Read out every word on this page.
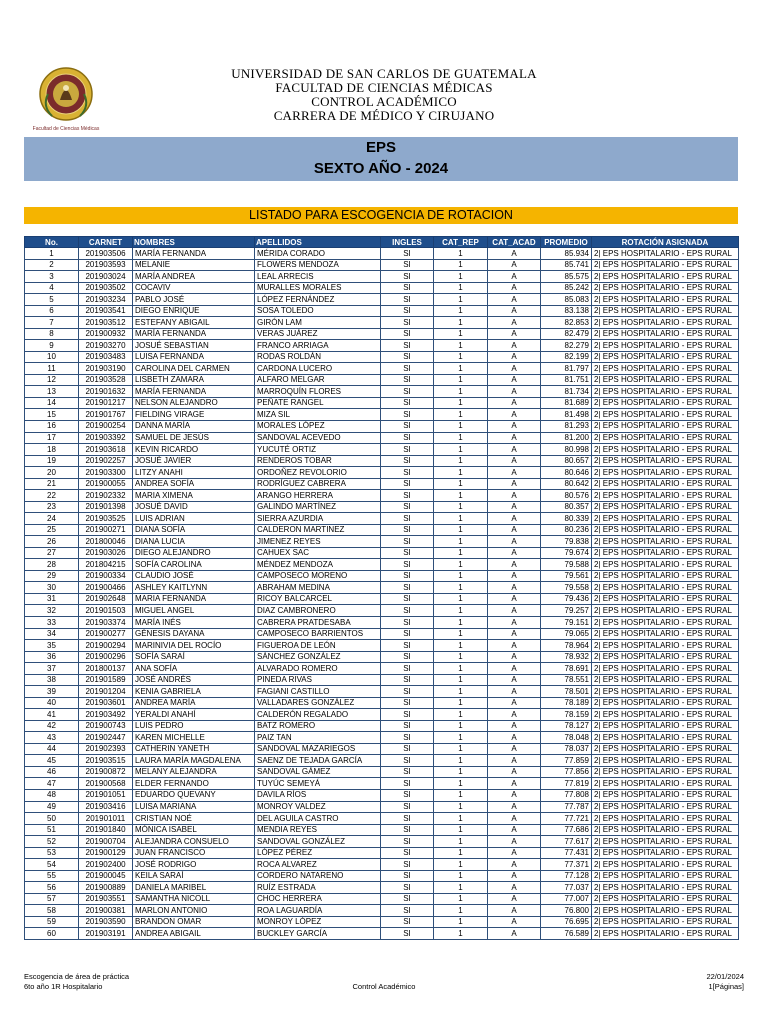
Facultad de Ciencias Médicas
UNIVERSIDAD DE SAN CARLOS DE GUATEMALA
FACULTAD DE CIENCIAS MÉDICAS
CONTROL ACADÉMICO
CARRERA DE MÉDICO Y CIRUJANO
EPS
SEXTO AÑO - 2024
LISTADO PARA ESCOGENCIA DE ROTACION
No.	CARNET	NOMBRES	APELLIDOS	INGLES	CAT_REP	CAT_ACAD	PROMEDIO	ROTACIÓN ASIGNADA
1	201903506	MARÍA FERNANDA	MÉRIDA CORADO	SI	1	A	85.934	2| EPS HOSPITALARIO - EPS RURAL
2	201903593	MELANIE	FLOWERS MENDOZA	SI	1	A	85.741	2| EPS HOSPITALARIO - EPS RURAL
3	201903024	MARÍA ANDREA	LEAL ARRECIS	SI	1	A	85.575	2| EPS HOSPITALARIO - EPS RURAL
4	201903502	COCAVIV	MURALLES MORALES	SI	1	A	85.242	2| EPS HOSPITALARIO - EPS RURAL
5	201903234	PABLO JOSÉ	LÓPEZ FERNÁNDEZ	SI	1	A	85.083	2| EPS HOSPITALARIO - EPS RURAL
6	201903541	DIEGO ENRIQUE	SOSA TOLEDO	SI	1	A	83.138	2| EPS HOSPITALARIO - EPS RURAL
7	201903512	ESTEFANY ABIGAIL	GIRÓN LAM	SI	1	A	82.853	2| EPS HOSPITALARIO - EPS RURAL
8	201900932	MARÍA FERNANDA	VERAS JUÁREZ	SI	1	A	82.479	2| EPS HOSPITALARIO - EPS RURAL
9	201903270	JOSUÉ SEBASTIAN	FRANCO ARRIAGA	SI	1	A	82.279	2| EPS HOSPITALARIO - EPS RURAL
10	201903483	LUISA FERNANDA	RODAS ROLDÁN	SI	1	A	82.199	2| EPS HOSPITALARIO - EPS RURAL
11	201903190	CAROLINA DEL CARMEN	CARDONA LUCERO	SI	1	A	81.797	2| EPS HOSPITALARIO - EPS RURAL
12	201903528	LISBETH ZAMARA	ALFARO MELGAR	SI	1	A	81.751	2| EPS HOSPITALARIO - EPS RURAL
13	201901632	MARÍA FERNANDA	MARROQUÍN FLORES	SI	1	A	81.734	2| EPS HOSPITALARIO - EPS RURAL
14	201901217	NELSON ALEJANDRO	PEÑATE RANGEL	SI	1	A	81.689	2| EPS HOSPITALARIO - EPS RURAL
15	201901767	FIELDING VIRAGE	MIZA SIL	SI	1	A	81.498	2| EPS HOSPITALARIO - EPS RURAL
16	201900254	DANNA MARÍA	MORALES LÓPEZ	SI	1	A	81.293	2| EPS HOSPITALARIO - EPS RURAL
17	201903392	SAMUEL DE JESÚS	SANDOVAL ACEVEDO	SI	1	A	81.200	2| EPS HOSPITALARIO - EPS RURAL
18	201903618	KEVIN RICARDO	YUCUTÉ ORTIZ	SI	1	A	80.998	2| EPS HOSPITALARIO - EPS RURAL
19	201902257	JOSUÉ JAVIER	RENDEROS TOBAR	SI	1	A	80.657	2| EPS HOSPITALARIO - EPS RURAL
20	201903300	LITZY ANAHI	ORDOÑEZ REVOLORIO	SI	1	A	80.646	2| EPS HOSPITALARIO - EPS RURAL
21	201900055	ANDREA SOFÍA	RODRÍGUEZ CABRERA	SI	1	A	80.642	2| EPS HOSPITALARIO - EPS RURAL
22	201902332	MARIA XIMENA	ARANGO HERRERA	SI	1	A	80.576	2| EPS HOSPITALARIO - EPS RURAL
23	201901398	JOSUÉ DAVID	GALINDO MARTÍNEZ	SI	1	A	80.357	2| EPS HOSPITALARIO - EPS RURAL
24	201903525	LUIS ADRIAN	SIERRA AZURDIA	SI	1	A	80.339	2| EPS HOSPITALARIO - EPS RURAL
25	201900271	DIANA SOFÍA	CALDERON MARTINEZ	SI	1	A	80.236	2| EPS HOSPITALARIO - EPS RURAL
26	201800046	DIANA LUCIA	JIMENEZ REYES	SI	1	A	79.838	2| EPS HOSPITALARIO - EPS RURAL
27	201903026	DIEGO ALEJANDRO	CAHUEX SAC	SI	1	A	79.674	2| EPS HOSPITALARIO - EPS RURAL
28	201804215	SOFÍA CAROLINA	MÉNDEZ MENDOZA	SI	1	A	79.588	2| EPS HOSPITALARIO - EPS RURAL
29	201900334	CLAUDIO JOSÉ	CAMPOSECO MORENO	SI	1	A	79.561	2| EPS HOSPITALARIO - EPS RURAL
30	201900466	ASHLEY KAITLYNN	ABRAHAM MEDINA	SI	1	A	79.558	2| EPS HOSPITALARIO - EPS RURAL
31	201902648	MARIA FERNANDA	RICOY BALCARCEL	SI	1	A	79.436	2| EPS HOSPITALARIO - EPS RURAL
32	201901503	MIGUEL ANGEL	DIAZ CAMBRONERO	SI	1	A	79.257	2| EPS HOSPITALARIO - EPS RURAL
33	201903374	MARÍA INÉS	CABRERA PRATDESABA	SI	1	A	79.151	2| EPS HOSPITALARIO - EPS RURAL
34	201900277	GÉNESIS DAYANA	CAMPOSECO BARRIENTOS	SI	1	A	79.065	2| EPS HOSPITALARIO - EPS RURAL
35	201900294	MARINIVIA DEL ROCÍO	FIGUEROA DE LEÓN	SI	1	A	78.964	2| EPS HOSPITALARIO - EPS RURAL
36	201900296	SOFÍA SARAÍ	SÁNCHEZ GONZÁLEZ	SI	1	A	78.932	2| EPS HOSPITALARIO - EPS RURAL
37	201800137	ANA SOFÍA	ALVARADO ROMERO	SI	1	A	78.691	2| EPS HOSPITALARIO - EPS RURAL
38	201901589	JOSÉ ANDRÉS	PINEDA RIVAS	SI	1	A	78.551	2| EPS HOSPITALARIO - EPS RURAL
39	201901204	KENIA GABRIELA	FAGIANI CASTILLO	SI	1	A	78.501	2| EPS HOSPITALARIO - EPS RURAL
40	201903601	ANDREA MARÍA	VALLADARES GONZÁLEZ	SI	1	A	78.189	2| EPS HOSPITALARIO - EPS RURAL
41	201903492	YERALDI ANAHÍ	CALDERÓN REGALADO	SI	1	A	78.159	2| EPS HOSPITALARIO - EPS RURAL
42	201900743	LUIS PEDRO	BATZ ROMERO	SI	1	A	78.127	2| EPS HOSPITALARIO - EPS RURAL
43	201902447	KAREN MICHELLE	PAIZ TAN	SI	1	A	78.048	2| EPS HOSPITALARIO - EPS RURAL
44	201902393	CATHERIN YANETH	SANDOVAL MAZARIEGOS	SI	1	A	78.037	2| EPS HOSPITALARIO - EPS RURAL
45	201903515	LAURA MARÍA MAGDALENA	SAENZ DE TEJADA GARCÍA	SI	1	A	77.859	2| EPS HOSPITALARIO - EPS RURAL
46	201900872	MELANY ALEJANDRA	SANDOVAL GÁMEZ	SI	1	A	77.856	2| EPS HOSPITALARIO - EPS RURAL
47	201900568	ELDER FERNANDO	TUYÚC SEMEYÁ	SI	1	A	77.819	2| EPS HOSPITALARIO - EPS RURAL
48	201901051	EDUARDO QUEVANY	DAVILA RÍOS	SI	1	A	77.808	2| EPS HOSPITALARIO - EPS RURAL
49	201903416	LUISA MARIANA	MONROY VALDEZ	SI	1	A	77.787	2| EPS HOSPITALARIO - EPS RURAL
50	201901011	CRISTIAN NOÉ	DEL AGUILA CASTRO	SI	1	A	77.721	2| EPS HOSPITALARIO - EPS RURAL
51	201901840	MÓNICA ISABEL	MENDIA REYES	SI	1	A	77.686	2| EPS HOSPITALARIO - EPS RURAL
52	201900704	ALEJANDRA CONSUELO	SANDOVAL GONZÁLEZ	SI	1	A	77.617	2| EPS HOSPITALARIO - EPS RURAL
53	201900129	JUAN FRANCISCO	LÓPEZ PÉREZ	SI	1	A	77.431	2| EPS HOSPITALARIO - EPS RURAL
54	201902400	JOSÉ RODRIGO	ROCA ALVAREZ	SI	1	A	77.371	2| EPS HOSPITALARIO - EPS RURAL
55	201900045	KEILA SARAÍ	CORDERO NATARENO	SI	1	A	77.128	2| EPS HOSPITALARIO - EPS RURAL
56	201900889	DANIELA MARIBEL	RUÍZ ESTRADA	SI	1	A	77.037	2| EPS HOSPITALARIO - EPS RURAL
57	201903551	SAMANTHA NICOLL	CHOC HERRERA	SI	1	A	77.007	2| EPS HOSPITALARIO - EPS RURAL
58	201900381	MARLON ANTONIO	ROA LAGUARDÍA	SI	1	A	76.800	2| EPS HOSPITALARIO - EPS RURAL
59	201903590	BRANDON OMAR	MONROY LÓPEZ	SI	1	A	76.695	2| EPS HOSPITALARIO - EPS RURAL
60	201903191	ANDREA ABIGAIL	BUCKLEY GARCÍA	SI	1	A	76.589	2| EPS HOSPITALARIO - EPS RURAL
Escogencia de área de práctica
6to año 1R Hospitalario	Control Académico
22/01/2024
1[Páginas]
